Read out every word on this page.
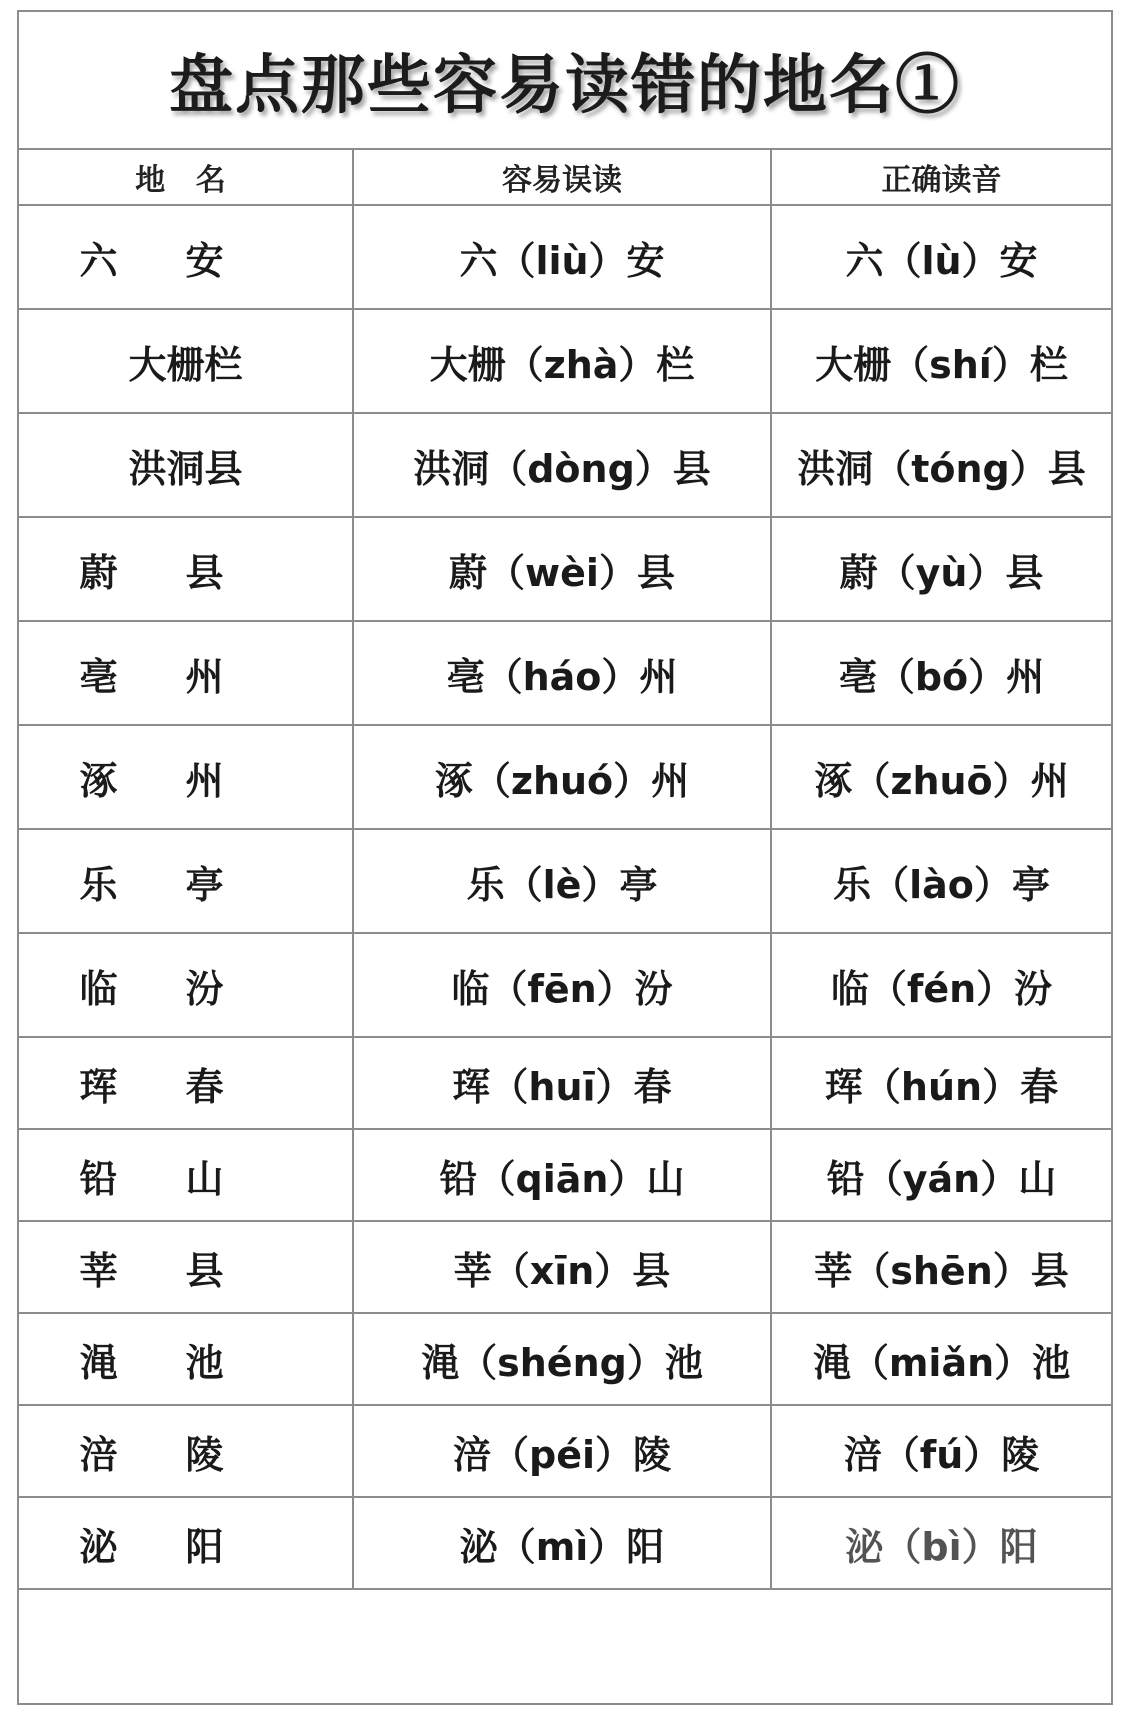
盘点那些容易读错的地名①
地 名	容易误读	正确读音
六安	六（liù）安	六（lù）安
大栅栏	大栅（zhà）栏	大栅（shí）栏
洪洞县	洪洞（dòng）县	洪洞（tóng）县
蔚县	蔚（wèi）县	蔚（yù）县
亳州	亳（háo）州	亳（bó）州
涿州	涿（zhuó）州	涿（zhuō）州
乐亭	乐（lè）亭	乐（lào）亭
临汾	临（fēn）汾	临（fén）汾
珲春	珲（huī）春	珲（hún）春
铅山	铅（qiān）山	铅（yán）山
莘县	莘（xīn）县	莘（shēn）县
渑池	渑（shéng）池	渑（miǎn）池
涪陵	涪（péi）陵	涪（fú）陵
泌阳	泌（mì）阳	泌（bì）阳
